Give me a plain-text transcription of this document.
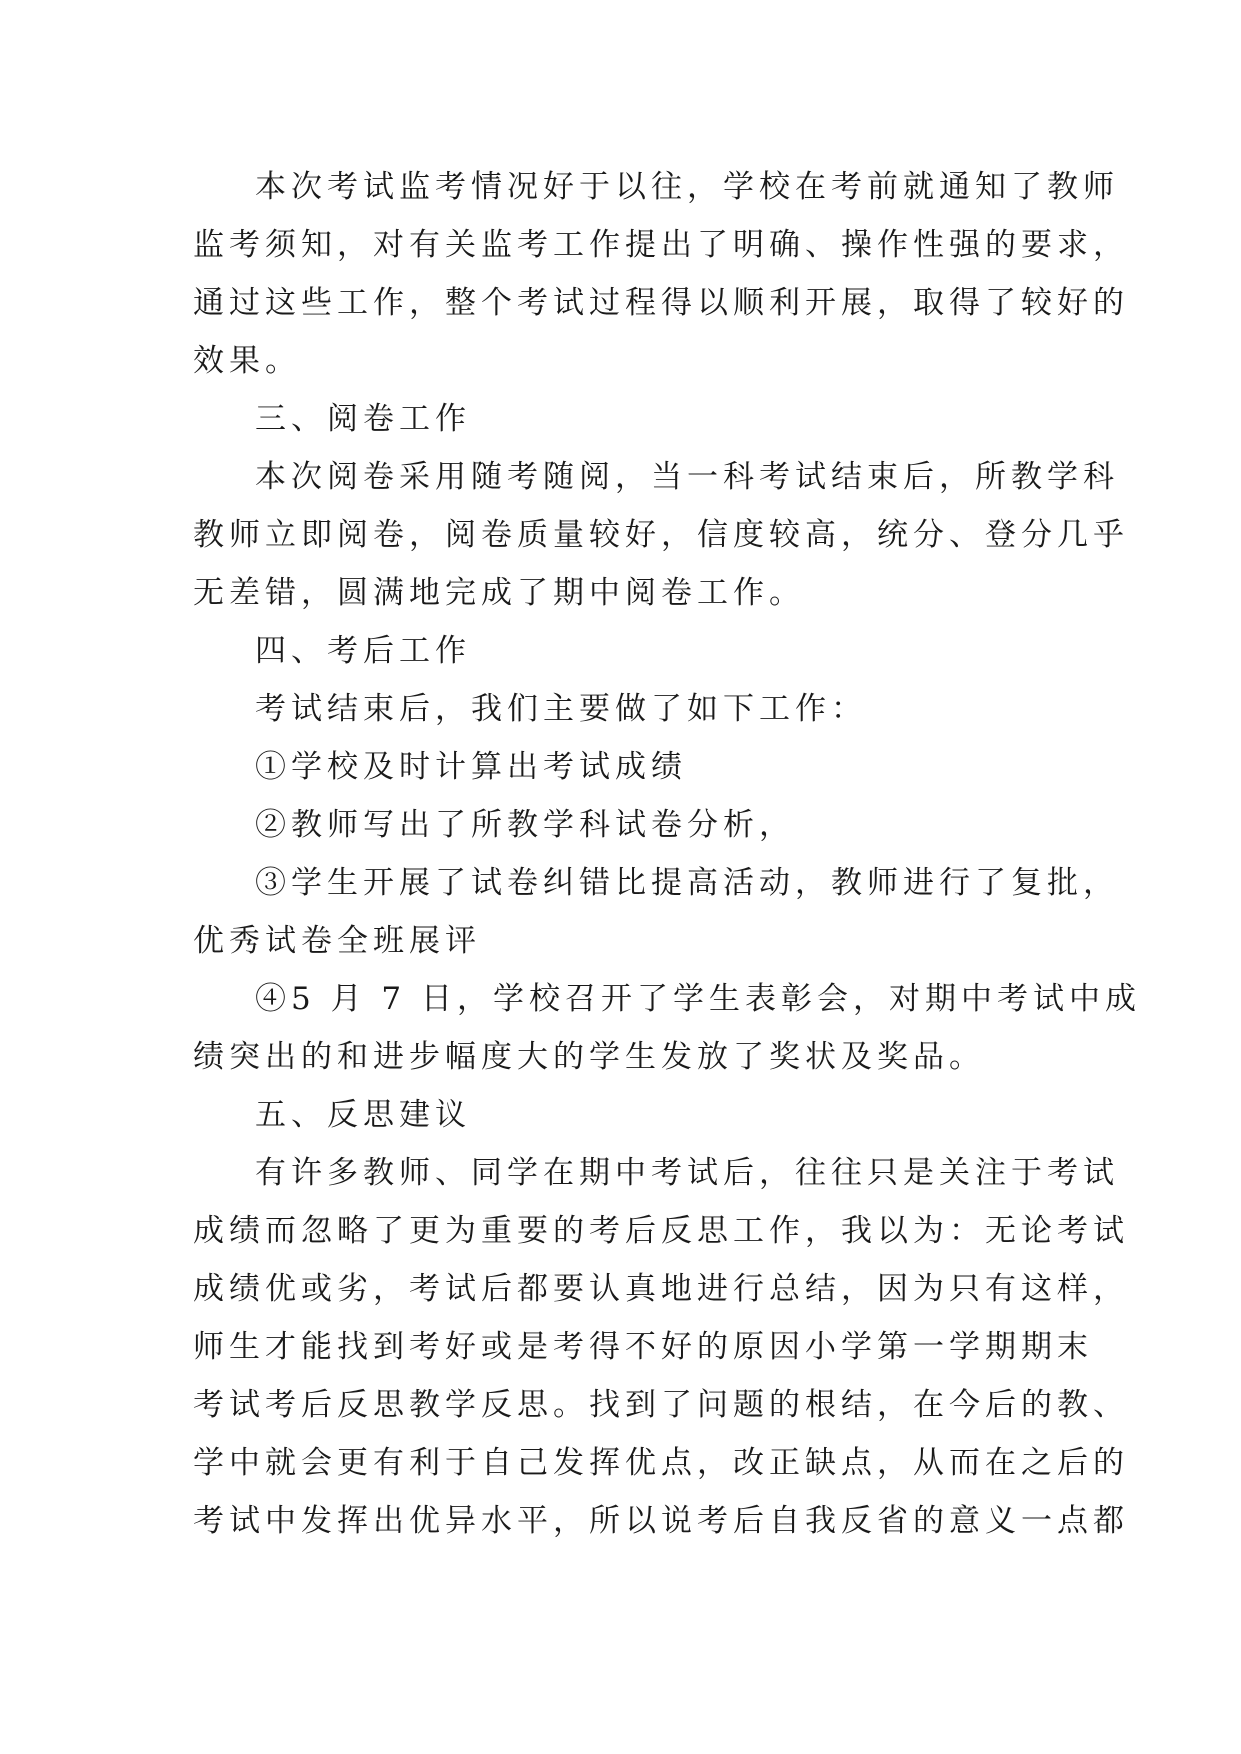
本次考试监考情况好于以往，学校在考前就通知了教师
监考须知，对有关监考工作提出了明确、操作性强的要求，
通过这些工作，整个考试过程得以顺利开展，取得了较好的
效果。
三、阅卷工作
本次阅卷采用随考随阅，当一科考试结束后，所教学科
教师立即阅卷，阅卷质量较好，信度较高，统分、登分几乎
无差错，圆满地完成了期中阅卷工作。
四、考后工作
考试结束后，我们主要做了如下工作：
①学校及时计算出考试成绩
②教师写出了所教学科试卷分析，
③学生开展了试卷纠错比提高活动，教师进行了复批，
优秀试卷全班展评
④5 月 7 日，学校召开了学生表彰会，对期中考试中成
绩突出的和进步幅度大的学生发放了奖状及奖品。
五、反思建议
有许多教师、同学在期中考试后，往往只是关注于考试
成绩而忽略了更为重要的考后反思工作，我以为：无论考试
成绩优或劣，考试后都要认真地进行总结，因为只有这样，
师生才能找到考好或是考得不好的原因小学第一学期期末
考试考后反思教学反思。找到了问题的根结，在今后的教、
学中就会更有利于自己发挥优点，改正缺点，从而在之后的
考试中发挥出优异水平，所以说考后自我反省的意义一点都
